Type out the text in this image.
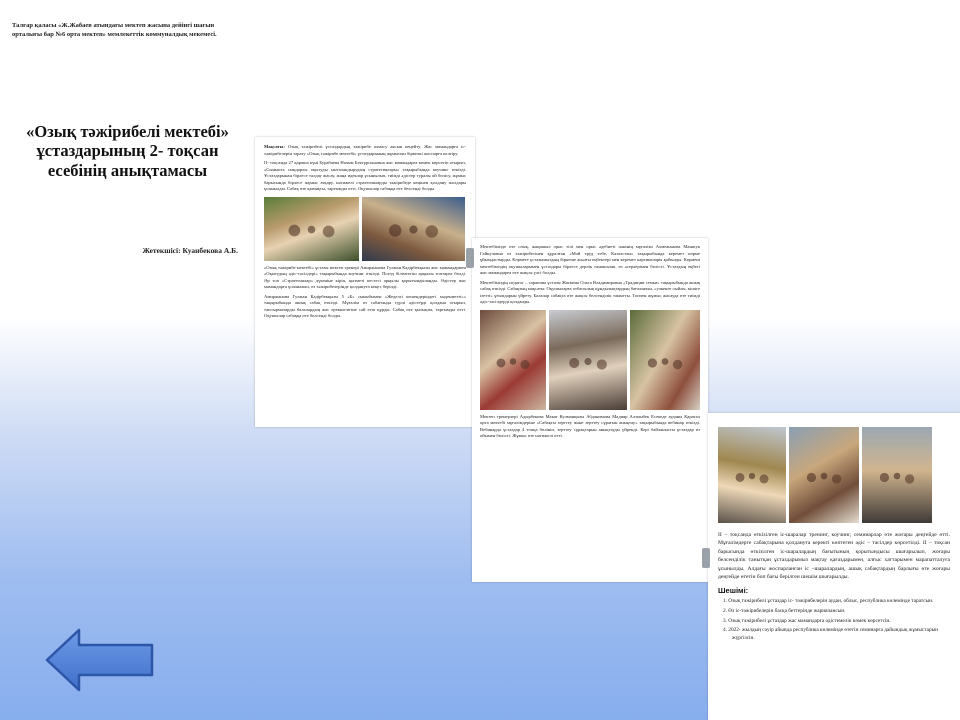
Талғар қаласы «Ж.Жабаев атындағы мектеп жасына дейінгі шағын
орталығы бар №6 орта мектеп» мемлекеттік коммуналдық мекемесі.
«Озық тәжірибелі мектебі»
ұстаздарының 2- тоқсан
есебінің анықтамасы
Жетекшісі: Куанбекова А.Б.

Мақсаты: Озық тәжірибелі ұстаздардың тәжірибе алмасу аясын кеңейту. Жас мамандарға іс- тәжірибелерін тарату «Озық тәжірибе мектебі» ұстаздарының жұмысын біркелкі жоспарға келтіру.

II- тоқсанда 27 қараша күні Бурабаева Назым Бектұрсыновна жас мамандарға көмек көрсетіп отырып, «Сыныпта сындарлы оқытуды ынталандырудың стратегиялары» тақырыбында коучинг өткізді. Ұстаздарынан бірлесе талдау жасау, жаңа идеялар ұсынылып, тиімді әдістер туралы ой бөлісу, жұмыс барысында бірлесе жұмыс атқару, нәтижелі стратегияларды тәжірибеде кеңінен қолдану жолдары ұсынылды. Сабақ өте қызықты, тартымды өтті. Оқушылар сабаққа өте белсенді болды.

«Озық тәжірибе мектебі» ұстазы мектеп тренері Амиржанова Гулжан Кадірбекқызы жас мамандармен «Оқытудың әдіс-тәсілдері» тақырыбында коучинг өткізді. Поезд білімтегіш арқылы топтарға бөлді. Әр топ «Стратегиялар» дүкеніне кіріп, қызметі кестесі арқылы қорытындыланды. Әдістер жас мамандарға ұсынылып, өз тәжірибелерінде қолдануға кеңес берілді.

Амиржанова Гулжан Кадірбекқызы 5 «Б» сыныбымен «Жеделгі кешендеріндегі мәдениетті»» тақырыбында ашық сабақ өткізді. Мұғалім өз сабағында түрлі әдістерді қолдана отырып, тапсырмаларды балалардың жас ерекшелігіне сай етіп құрды. Сабақ өте қызықты, тартымды өтті. Оқушылар сабаққа өте белсенді болды.

Мектебімізде өте озық, жаңашыл орыс тілі мен орыс әдебиеті пәнінің мұғалімі Ахмежанова Маншук Гайнуловна өз тәжірибесінен құралған «Мой труд тебе, Казахстан» тақырыбында керемет көрме ұйымдастырды. Көрмеге ұстазымыздың бірнеше жылғы еңбектері мен керемет картиналары қойылды. Көрмені мектебіміздің оқушыларымен ұстаздары бірлесе дерлік тамашалап, өз әсерлерімен бөлісті. Ұстаздың еңбегі жас мамандарға өте жақсы үлгі болды.

Мектебіміздің педагог – сарапшы ұстазы Жаткина Ольга Владимировна «Традиции семьи» тақырыбында ашық сабақ өткізді. Сабақтың мақсаты: Оқушыларға отбасылық құндылықтардың бағалығын, «улкенге сыйлы, кішіге ізетті» ұғымдарын үйрету. Балалар сабақта өте жақсы белсенділік танытты. Топпен жұмыс жасауда өте тиімді әдіс-тәсілдерді қолданды.

Мектеп тренерлері Адырбекова Макат Кулманқызы Абданимова Мадияр Алтынбек Есекеде ауданы Қаратал орта мектебі мұғалімдеріне «Сабақты зерттеу және зерттеу сұрағын анықтау» тақырыбында вебинар өткізді. Вебинарда ұстаздар 4 топқа бөлініп, зерттеу сұрақтарын анықтауды үйренді. Кері байланысты ұстаздар өз ойымен бөлісті. Жұмыс өте нәтижелі өтті.

II – тоқсанда өткізілген іс-шаралар тренинг, коучинг, семинарлар өте жоғары деңгейде өтті. Мұғалімдерге сабақтарына қолдануға керекті көптеген әдіс – тәсілдер көрсетілді. II – тоқсан барысында өткізілген іс-шаралардың бағытының қорытындысы шығарылып, жоғары белсенділік танытқан ұстаздарымыз мақтау қағаздарымен, алғыс хаттарымен марапатталуға ұсынылды. Алдағы жоспарланған іс –шаралардың, ашық сабақтардың барлығы өте жоғары деңгейде өтетін боп бағы берілген шешім шығарылды.

Шешімі:
1. Озық тәжірибелі ұстаздар іс- тәжірибелерін аудан, облыс, республика көлемінде таратсын.
2. Өз іс-тәжірибелерін басқа беттерінде жариялансын.
3. Озық тәжірибелі ұстаздар жас мамандарға әдістемелік көмек көрсетсін.
4. 2022- жылдың сәуір айында республика көлемінде өтетін семинарға дайындық жұмыстарын жүргізсін.
